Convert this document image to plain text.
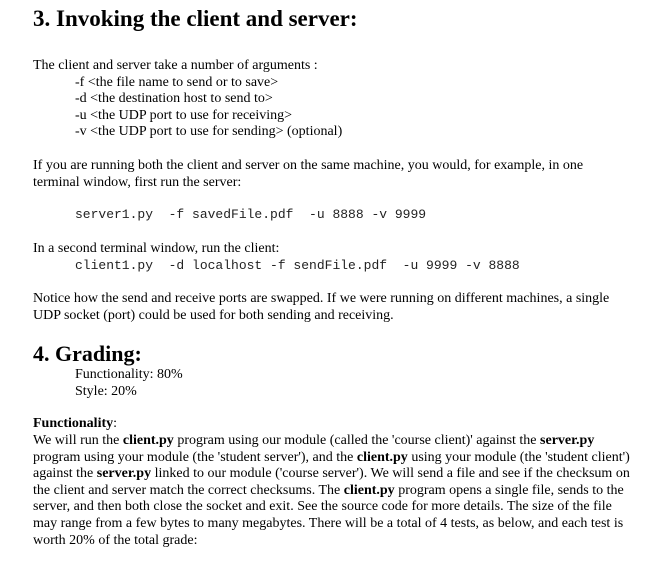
3. Invoking the client and server:
The client and server take a number of arguments :
-f <the file name to send or to save>
-d <the destination host to send to>
-u <the UDP port to use for receiving>
-v <the UDP port to use for sending> (optional)
If you are running both the client and server on the same machine, you would, for example, in one
terminal window, first run the server:
server1.py  -f savedFile.pdf  -u 8888 -v 9999
In a second terminal window, run the client:
client1.py  -d localhost -f sendFile.pdf  -u 9999 -v 8888
Notice how the send and receive ports are swapped. If we were running on different machines, a single
UDP socket (port) could be used for both sending and receiving.
4. Grading:
Functionality: 80%
Style: 20%
Functionality:
We will run the client.py program using our module (called the 'course client)' against the server.py program using your module (the 'student server'), and the client.py using your module (the 'student client') against the server.py linked to our module ('course server'). We will send a file and see if the checksum on the client and server match the correct checksums. The client.py program opens a single file, sends to the server, and then both close the socket and exit. See the source code for more details. The size of the file may range from a few bytes to many megabytes. There will be a total of 4 tests, as below, and each test is worth 20% of the total grade:
